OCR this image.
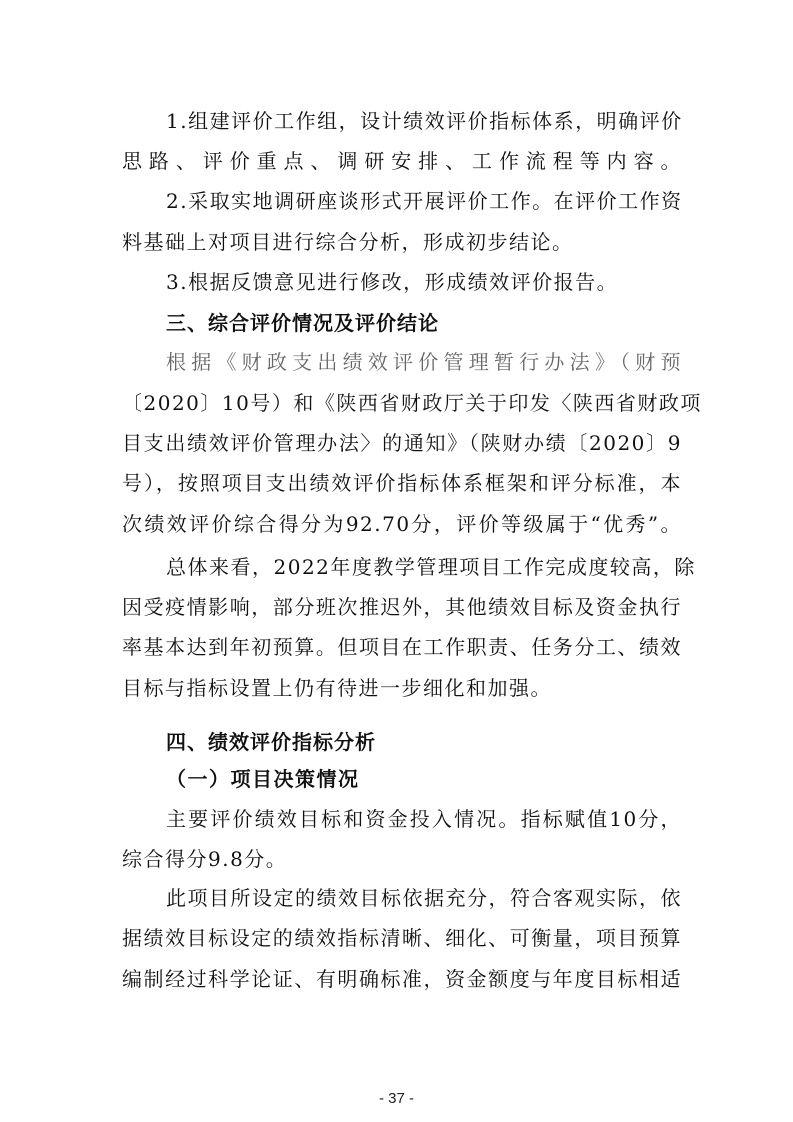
1.组建评价工作组，设计绩效评价指标体系，明确评价
思路、评价重点、调研安排、工作流程等内容。
2.采取实地调研座谈形式开展评价工作。在评价工作资
料基础上对项目进行综合分析，形成初步结论。
3.根据反馈意见进行修改，形成绩效评价报告。
三、综合评价情况及评价结论
根据《财政支出绩效评价管理暂行办法》（财预
〔2020〕10号）和《陕西省财政厅关于印发〈陕西省财政项
目支出绩效评价管理办法〉的通知》（陕财办绩〔2020〕9
号），按照项目支出绩效评价指标体系框架和评分标准，本
次绩效评价综合得分为92.70分，评价等级属于“优秀”。
总体来看，2022年度教学管理项目工作完成度较高，除
因受疫情影响，部分班次推迟外，其他绩效目标及资金执行
率基本达到年初预算。但项目在工作职责、任务分工、绩效
目标与指标设置上仍有待进一步细化和加强。
四、绩效评价指标分析
（一）项目决策情况
主要评价绩效目标和资金投入情况。指标赋值10分，
综合得分9.8分。
此项目所设定的绩效目标依据充分，符合客观实际，依
据绩效目标设定的绩效指标清晰、细化、可衡量，项目预算
编制经过科学论证、有明确标准，资金额度与年度目标相适
- 37 -
